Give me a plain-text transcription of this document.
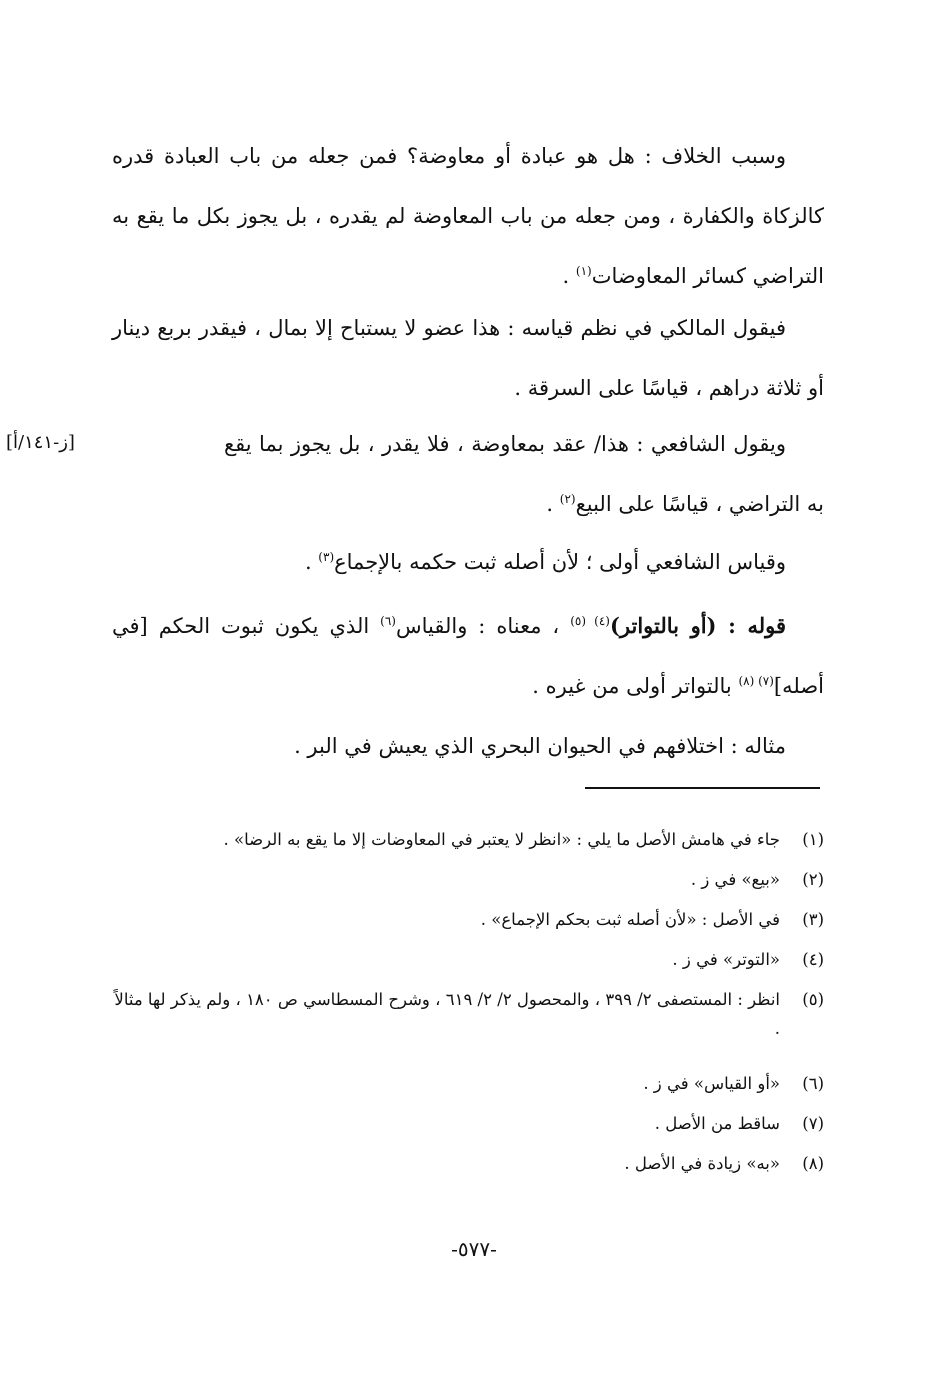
وسبب الخلاف : هل هو عبادة أو معاوضة؟ فمن جعله من باب العبادة قدره كالزكاة والكفارة ، ومن جعله من باب المعاوضة لم يقدره ، بل يجوز بكل ما يقع به التراضي كسائر المعاوضات$^{(١)}$ .

فيقول المالكي في نظم قياسه : هذا عضو لا يستباح إلا بمال ، فيقدر بربع دينار أو ثلاثة دراهم ، قياسًا على السرقة .

[ز-١٤١/أ]	ويقول الشافعي : هذا/ عقد بمعاوضة ، فلا يقدر ، بل يجوز بما يقع به التراضي ، قياسًا على البيع$^{(٢)}$ .

وقياس الشافعي أولى ؛ لأن أصله ثبت حكمه بالإجماع$^{(٣)}$ .

قوله : (أو بالتواتر)$^{(٤) (٥)}$ ، معناه : والقياس$^{(٦)}$ الذي يكون ثبوت الحكم [في أصله]$^{(٧) (٨)}$ بالتواتر أولى من غيره .

مثاله : اختلافهم في الحيوان البحري الذي يعيش في البر .

(١)
جاء في هامش الأصل ما يلي : «انظر لا يعتبر في المعاوضات إلا ما يقع به الرضا» .
(٢)
«بيع» في ز .
(٣)
في الأصل : «لأن أصله ثبت بحكم الإجماع» .
(٤)
«التوتر» في ز .
(٥)
انظر : المستصفى ٢/ ٣٩٩ ، والمحصول ٢/ ٢/ ٦١٩ ، وشرح المسطاسي ص ١٨٠ ، ولم يذكر لها مثالاً .
(٦)
«أو القياس» في ز .
(٧)
ساقط من الأصل .
(٨)
«به» زيادة في الأصل .
-٥٧٧-
